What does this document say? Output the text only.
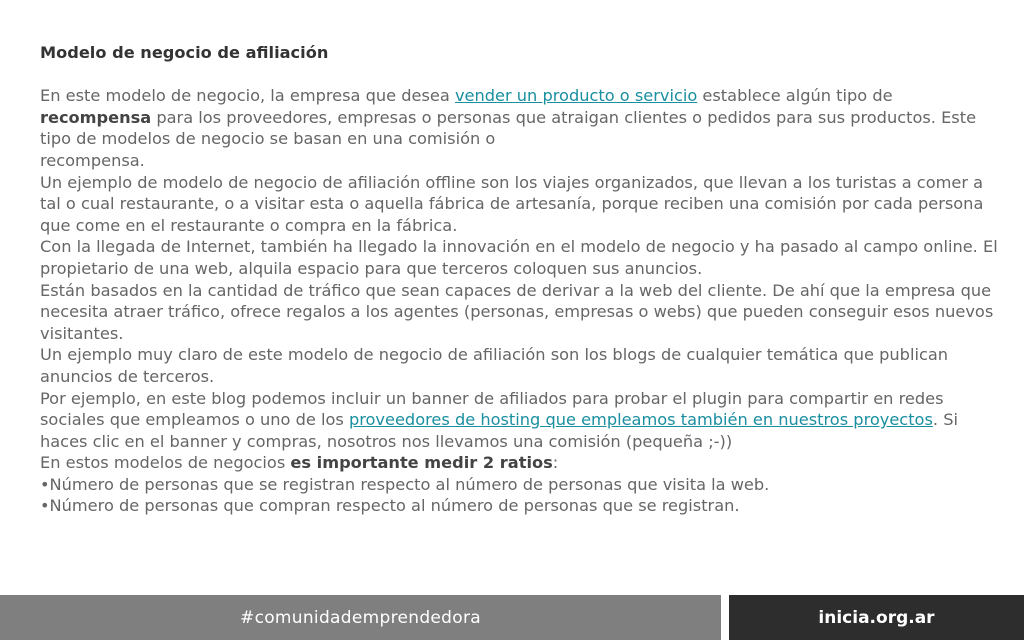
Modelo de negocio de afiliación

En este modelo de negocio, la empresa que desea vender un producto o servicio establece algún tipo de recompensa para los proveedores, empresas o personas que atraigan clientes o pedidos para sus productos. Este tipo de modelos de negocio se basan en una comisión o

recompensa.

Un ejemplo de modelo de negocio de afiliación offline son los viajes organizados, que llevan a los turistas a comer a tal o cual restaurante, o a visitar esta o aquella fábrica de artesanía, porque reciben una comisión por cada persona que come en el restaurante o compra en la fábrica.

Con la llegada de Internet, también ha llegado la innovación en el modelo de negocio y ha pasado al campo online. El propietario de una web, alquila espacio para que terceros coloquen sus anuncios.

Están basados en la cantidad de tráfico que sean capaces de derivar a la web del cliente. De ahí que la empresa que necesita atraer tráfico, ofrece regalos a los agentes (personas, empresas o webs) que pueden conseguir esos nuevos visitantes.

Un ejemplo muy claro de este modelo de negocio de afiliación son los blogs de cualquier temática que publican anuncios de terceros.

Por ejemplo, en este blog podemos incluir un banner de afiliados para probar el plugin para compartir en redes sociales que empleamos o uno de los proveedores de hosting que empleamos también en nuestros proyectos. Si haces clic en el banner y compras, nosotros nos llevamos una comisión (pequeña ;-))

En estos modelos de negocios es importante medir 2 ratios:

•Número de personas que se registran respecto al número de personas que visita la web.

•Número de personas que compran respecto al número de personas que se registran.

#comunidademprendedora	inicia.org.ar
